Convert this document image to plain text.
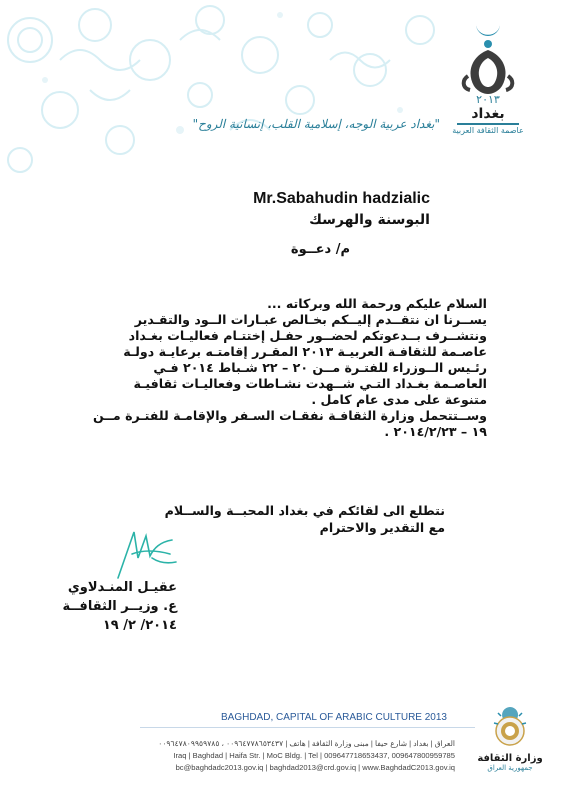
٢٠١٣
بغداد
عاصمة الثقافة العربية
"بغداد عربية الوجه، إسلامية القلب، إنسانية الروح"
Mr.Sabahudin hadzialic
البوسنة والهرسك
م/ دعــوة

السلام عليكم ورحمة الله وبركاته ...

يســرنا ان نتقــدم إليــكم بخـالص عبـارات الــود والتقـدير

ونتشــرف بــدعوتكم لحضــور حفـل إختتـام فعاليـات بغـداد

عاصـمة للثقافـة العربيـة ٢٠١٣ المقـرر إقامتـه برعايـة دولـة

رئـيس الــوزراء للفتـرة مــن ٢٠ – ٢٢ شـباط ٢٠١٤ فـي

العاصـمة بغـداد التـي شــهدت نشـاطات وفعاليـات ثقافيـة

متنوعة على مدى عام كامل .

وســتتحمل وزارة الثقافـة نفقـات السـفر والإقامـة للفتـرة مــن

١٩ – ٢٠١٤/٢/٢٣ .

نتطلع الى لقائكم في بغداد المحبــة والســلام

مع التقدير والاحترام

عقيـل المنـدلاوي

ع. وزيــر الثقافــة

٢٠١٤/ ٢/ ١٩

BAGHDAD, CAPITAL OF ARABIC CULTURE 2013
العراق | بغداد | شارع حيفا | مبنى وزارة الثقافة | هاتف | ٠٠٩٦٤٧٧٨٦٥٣٤٣٧ ، ٠٠٩٦٤٧٨٠٩٩٥٩٧٨٥
Iraq | Baghdad | Haifa Str. | MoC Bldg. | Tel | 009647718653437, 009647800959785
bc@baghdadc2013.gov.iq | baghdad2013@crd.gov.iq | www.BaghdadC2013.gov.iq
وزارة الثقافة
جمهورية العراق
